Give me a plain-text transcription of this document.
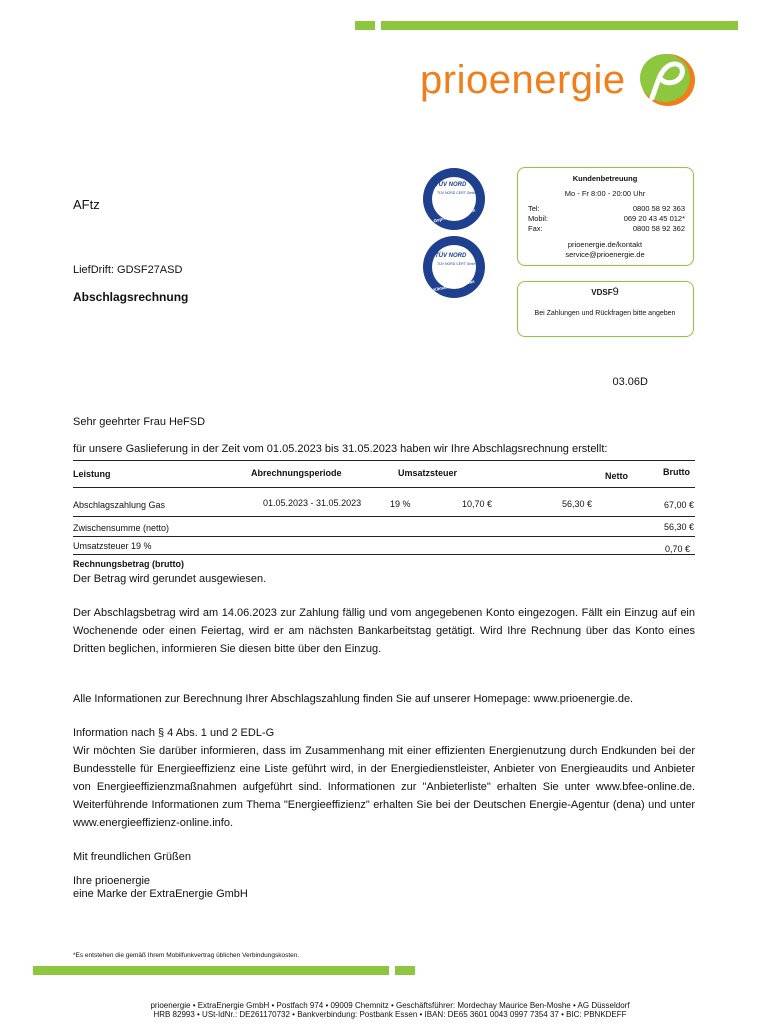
prioenergie
TÜV NORD
TÜV NORD CERT GmbH
Geprüfter Ökostrom
TÜV NORD
TÜV NORD CERT GmbH
Klimaneutrales Gas
AFtz
LiefDrift: GDSF27ASD
Abschlagsrechnung
Kundenbetreuung
Mo - Fr 8:00 - 20:00 Uhr
Tel:	0800 58 92 363
Mobil:	069 20 43 45 012*
Fax:	0800 58 92 362
prioenergie.de/kontakt
service@prioenergie.de
VDSF9
Bei Zahlungen und Rückfragen bitte angeben
03.06D
Sehr geehrter Frau HeFSD
für unsere Gaslieferung in der Zeit vom 01.05.2023 bis 31.05.2023 haben wir Ihre Abschlagsrechnung erstellt:
Leistung	Abrechnungsperiode	Umsatzsteuer	Netto	Brutto
Abschlagszahlung Gas	01.05.2023 - 31.05.2023	19 %	10,70 €	56,30 €	67,00 €
Zwischensumme (netto)	56,30 €
Umsatzsteuer 19 %	0,70 €
Rechnungsbetrag (brutto)
Der Betrag wird gerundet ausgewiesen.
Der Abschlagsbetrag wird am 14.06.2023 zur Zahlung fällig und vom angegebenen Konto eingezogen. Fällt ein Einzug auf ein Wochenende oder einen Feiertag, wird er am nächsten Bankarbeitstag getätigt. Wird Ihre Rechnung über das Konto eines Dritten beglichen, informieren Sie diesen bitte über den Einzug.
Alle Informationen zur Berechnung Ihrer Abschlagszahlung finden Sie auf unserer Homepage: www.prioenergie.de.
Information nach § 4 Abs. 1 und 2 EDL-G
Wir möchten Sie darüber informieren, dass im Zusammenhang mit einer effizienten Energienutzung durch Endkunden bei der Bundesstelle für Energieeffizienz eine Liste geführt wird, in der Energiedienstleister, Anbieter von Energieaudits und Anbieter von Energieeffizienzmaßnahmen aufgeführt sind. Informationen zur "Anbieterliste" erhalten Sie unter www.bfee-online.de. Weiterführende Informationen zum Thema "Energieeffizienz" erhalten Sie bei der Deutschen Energie-Agentur (dena) und unter www.energieeffizienz-online.info.
Mit freundlichen Grüßen
Ihre prioenergie
eine Marke der ExtraEnergie GmbH
*Es entstehen die gemäß Ihrem Mobilfunkvertrag üblichen Verbindungskosten.
prioenergie • ExtraEnergie GmbH • Postfach 974 • 09009 Chemnitz • Geschäftsführer: Mordechay Maurice Ben-Moshe • AG Düsseldorf
HRB 82993 • USt-IdNr.: DE261170732 • Bankverbindung: Postbank Essen • IBAN: DE65 3601 0043 0997 7354 37 • BIC: PBNKDEFF
